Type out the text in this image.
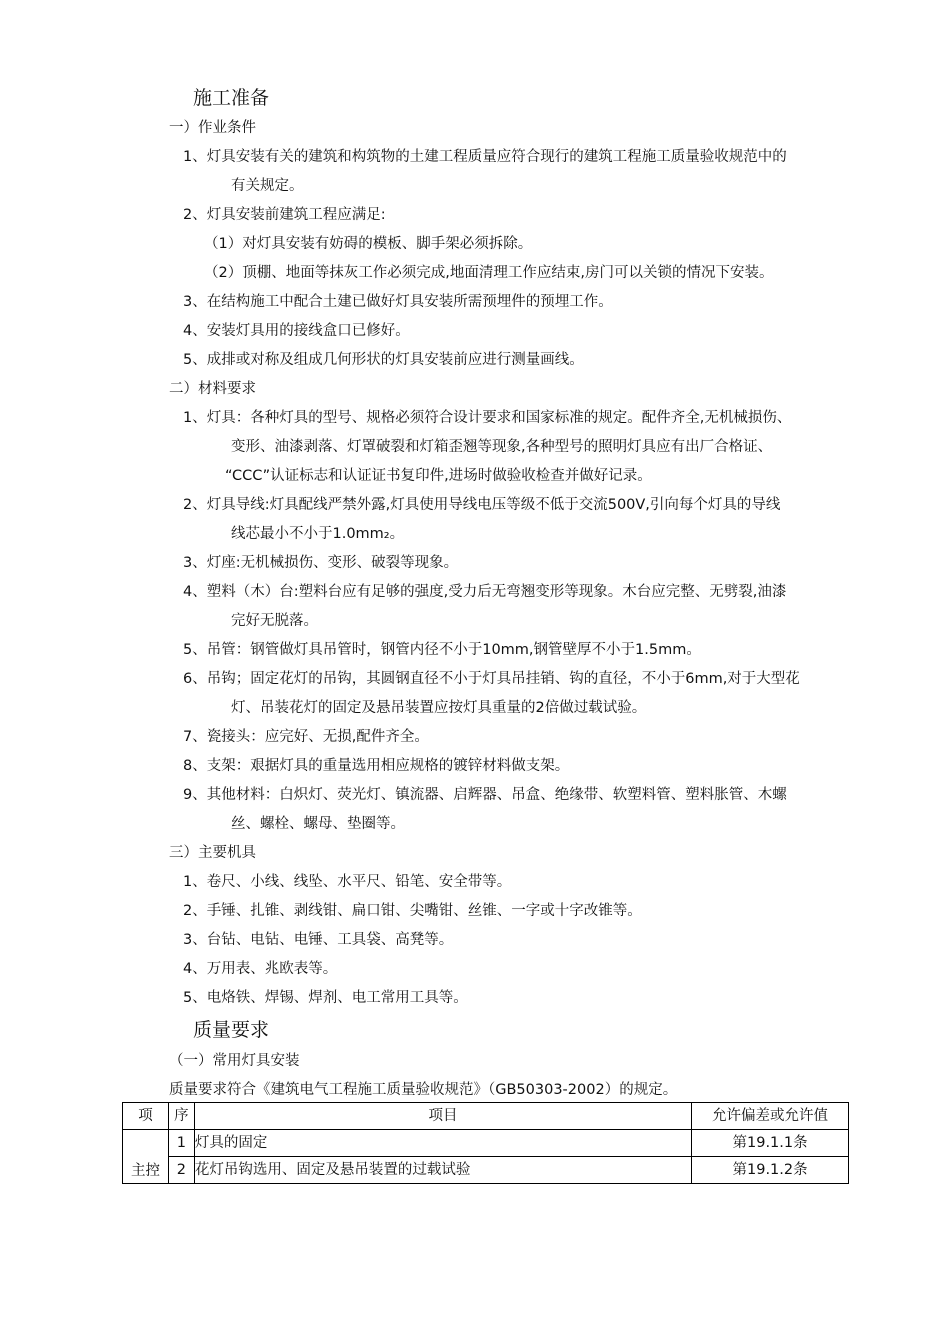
施工准备
一）作业条件
1、灯具安装有关的建筑和构筑物的土建工程质量应符合现行的建筑工程施工质量验收规范中的
有关规定。
2、灯具安装前建筑工程应满足:
（1）对灯具安装有妨碍的模板、脚手架必须拆除。
（2）顶棚、地面等抹灰工作必须完成,地面清理工作应结束,房门可以关锁的情况下安装。
3、在结构施工中配合土建已做好灯具安装所需预埋件的预埋工作。
4、安装灯具用的接线盒口已修好。
5、成排或对称及组成几何形状的灯具安装前应进行测量画线。
二）材料要求
1、灯具：各种灯具的型号、规格必须符合设计要求和国家标准的规定。配件齐全,无机械损伤、
变形、油漆剥落、灯罩破裂和灯箱歪翘等现象,各种型号的照明灯具应有出厂合格证、
“CCC”认证标志和认证证书复印件,进场时做验收检查并做好记录。
2、灯具导线:灯具配线严禁外露,灯具使用导线电压等级不低于交流500V,引向每个灯具的导线
线芯最小不小于1.0mm₂。
3、灯座:无机械损伤、变形、破裂等现象。
4、塑料（木）台:塑料台应有足够的强度,受力后无弯翘变形等现象。木台应完整、无劈裂,油漆
完好无脱落。
5、吊管：钢管做灯具吊管时，钢管内径不小于10mm,钢管壁厚不小于1.5mm。
6、吊钩；固定花灯的吊钩，其圆钢直径不小于灯具吊挂销、钩的直径，不小于6mm,对于大型花
灯、吊装花灯的固定及悬吊装置应按灯具重量的2倍做过载试验。
7、瓷接头：应完好、无损,配件齐全。
8、支架：艰据灯具的重量选用相应规格的镀锌材料做支架。
9、其他材料：白炽灯、荧光灯、镇流器、启辉器、吊盒、绝缘带、软塑料管、塑料胀管、木螺
丝、螺栓、螺母、垫圈等。
三）主要机具
1、卷尺、小线、线坠、水平尺、铅笔、安全带等。
2、手锤、扎锥、剥线钳、扁口钳、尖嘴钳、丝锥、一字或十字改锥等。
3、台钻、电钻、电锤、工具袋、高凳等。
4、万用表、兆欧表等。
5、电烙铁、焊锡、焊剂、电工常用工具等。
质量要求
（一）常用灯具安装
质量要求符合《建筑电气工程施工质量验收规范》（GB50303-2002）的规定。
项	序	项目	允许偏差或允许值
主控	1	灯具的固定	第19.1.1条
	2	花灯吊钩选用、固定及悬吊装置的过载试验	第19.1.2条
